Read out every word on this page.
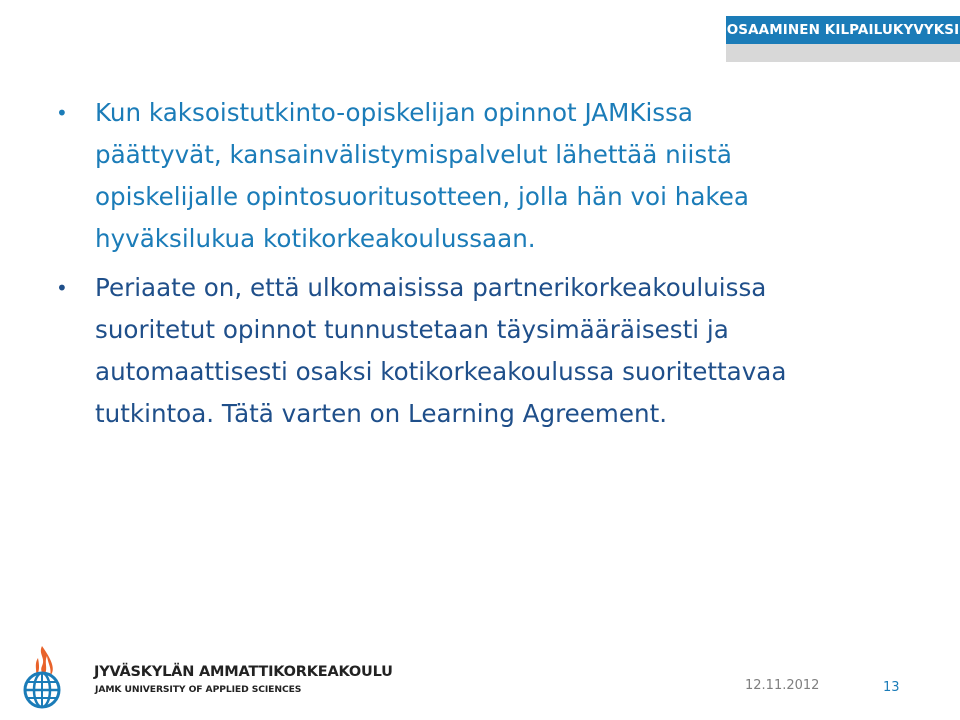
OSAAMINEN KILPAILUKYVYKSI
• Kun kaksoistutkinto-opiskelijan opinnot JAMKissa
päättyvät, kansainvälistymispalvelut lähettää niistä
opiskelijalle opintosuoritusotteen, jolla hän voi hakea
hyväksilukua kotikorkeakoulussaan.
• Periaate on, että ulkomaisissa partnerikorkeakouluissa
suoritetut opinnot tunnustetaan täysimääräisesti ja
automaattisesti osaksi kotikorkeakoulussa suoritettavaa
tutkintoa. Tätä varten on Learning Agreement.
JYVÄSKYLÄN AMMATTIKORKEAKOULU
JAMK UNIVERSITY OF APPLIED SCIENCES	12.11.2012	13
